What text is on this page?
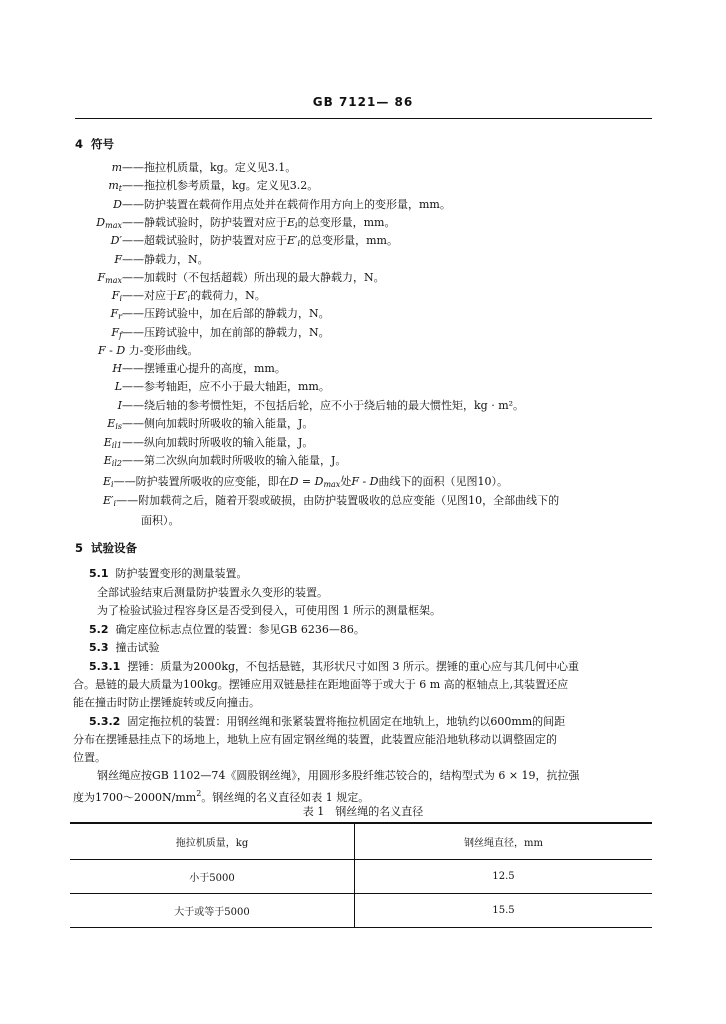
GB 7121— 86
4 符号
m——拖拉机质量，kg。定义见3.1。
$m_t——$拖拉机参考质量，kg。定义见3.2。
D——防护装置在载荷作用点处并在载荷作用方向上的变形量，mm。
$D_{max}——$静载试验时，防护装置对应于$E_i$的总变形量，mm。
D′——超载试验时，防护装置对应于$E'_i$的总变形量，mm。
F——静载力，N。
$F_{max}——$加载时（不包括超载）所出现的最大静载力，N。
$F_i——$对应于$E'_i$的载荷力，N。
$F_r——$压跨试验中，加在后部的静载力，N。
$F_f——$压跨试验中，加在前部的静载力，N。
F - D 力-变形曲线。
H——摆锤重心提升的高度，mm。
L——参考轴距，应不小于最大轴距，mm。
I——绕后轴的参考惯性矩，不包括后轮，应不小于绕后轴的最大惯性矩，kg · m²。
$E_{is}——$侧向加载时所吸收的输入能量，J。
$E_{il1}——$纵向加载时所吸收的输入能量，J。
$E_{il2}——$第二次纵向加载时所吸收的输入能量，J。
$E_i——$防护装置所吸收的应变能，即在$D = D_{max}$处F - D曲线下的面积（见图10）。
$E'_i——$附加载荷之后，随着开裂或破损，由防护装置吸收的总应变能（见图10，全部曲线下的
面积）。
5 试验设备
5.1 防护装置变形的测量装置。
全部试验结束后测量防护装置永久变形的装置。
为了检验试验过程容身区是否受到侵入，可使用图 1 所示的测量框架。
5.2 确定座位标志点位置的装置：参见GB 6236—86。
5.3 撞击试验
5.3.1 摆锤：质量为2000kg，不包括悬链，其形状尺寸如图 3 所示。摆锤的重心应与其几何中心重
合。悬链的最大质量为100kg。摆锤应用双链悬挂在距地面等于或大于 6 m 高的枢轴点上,其装置还应
能在撞击时防止摆锤旋转或反向撞击。
5.3.2 固定拖拉机的装置：用钢丝绳和张紧装置将拖拉机固定在地轨上，地轨约以600mm的间距
分布在摆锤悬挂点下的场地上，地轨上应有固定钢丝绳的装置，此装置应能沿地轨移动以调整固定的
位置。
钢丝绳应按GB 1102—74《圆股钢丝绳》，用圆形多股纤维芯铰合的，结构型式为 6 × 19，抗拉强
度为$1700\sim 2000N/mm^2$。钢丝绳的名义直径如表 1 规定。
表 1　钢丝绳的名义直径
拖拉机质量，kg	钢丝绳直径，mm
小于5000	12.5
大于或等于5000	15.5
